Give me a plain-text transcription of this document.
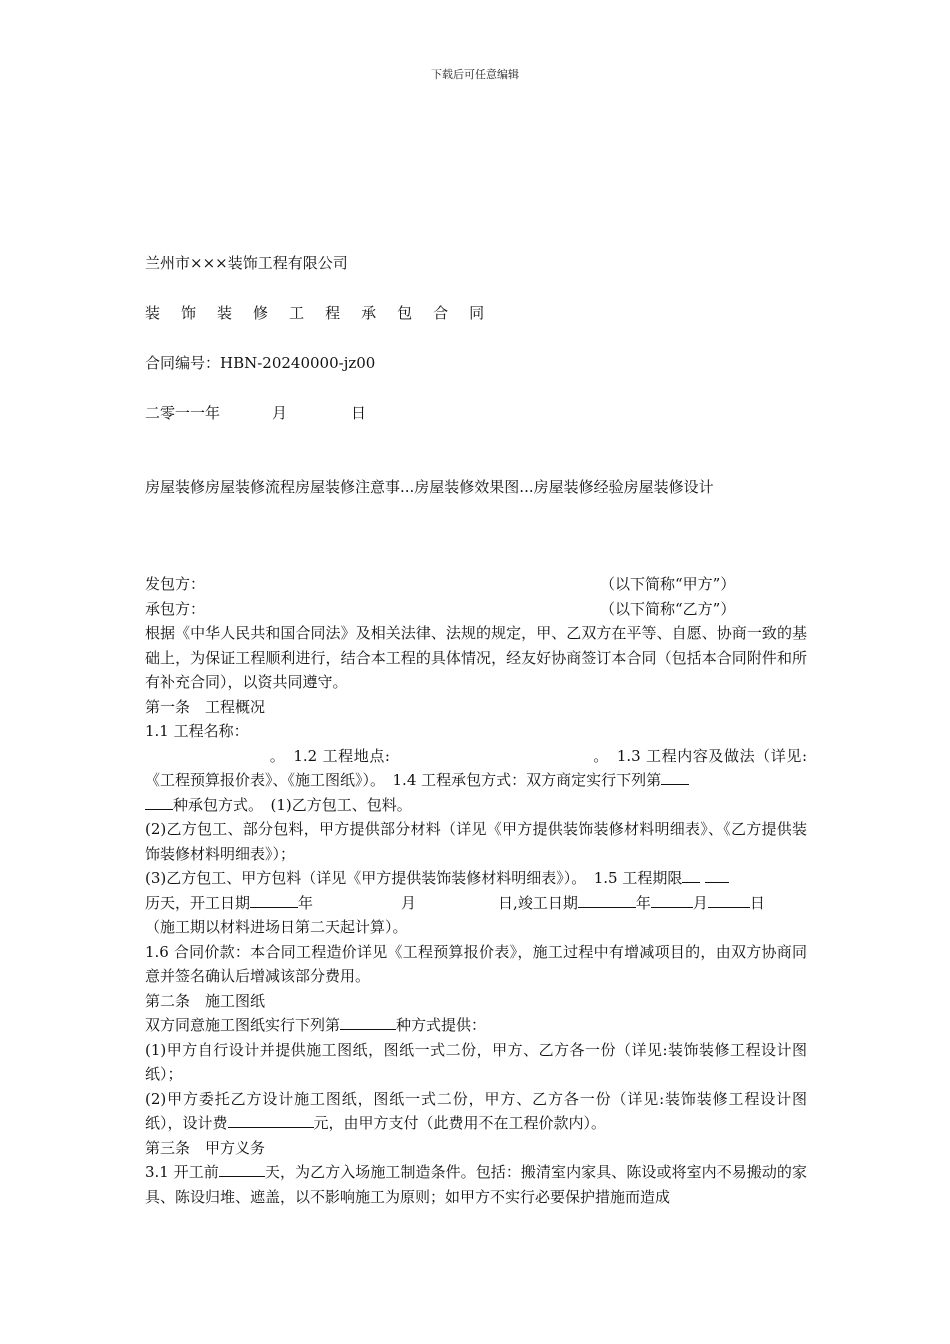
下载后可任意编辑
兰州市×××装饰工程有限公司
装 饰 装 修 工 程 承 包 合 同
合同编号：HBN-20240000-jz00
二零一一年	月	日
房屋装修房屋装修流程房屋装修注意事...房屋装修效果图...房屋装修经验房屋装修设计
发包方：	（以下简称“甲方”）
承包方：	（以下简称“乙方”）

根据《中华人民共和国合同法》及相关法律、法规的规定，甲、乙双方在平等、自愿、协商一致的基础上，为保证工程顺利进行，结合本工程的具体情况，经友好协商签订本合同（包括本合同附件和所有补充合同），以资共同遵守。

第一条　工程概况

1.1 工程名称：

　　　　　　　　。　1.2 工程地点:　　　　　　　　　　　　　。　1.3 工程内容及做法（详见:《工程预算报价表》、《施工图纸》）。　1.4 工程承包方式：双方商定实行下列第
种承包方式。　(1)乙方包工、包料。

(2)乙方包工、部分包料，甲方提供部分材料（详见《甲方提供装饰装修材料明细表》、《乙方提供装饰装修材料明细表》）；

(3)乙方包工、甲方包料（详见《甲方提供装饰装修材料明细表》）。　1.5 工程期限
历天，开工日期	年	月	日,竣工日期	年	月	日
（施工期以材料进场日第二天起计算）。

1.6 合同价款：本合同工程造价详见《工程预算报价表》，施工过程中有增减项目的，由双方协商同意并签名确认后增减该部分费用。

第二条　施工图纸

双方同意施工图纸实行下列第	种方式提供：

(1)甲方自行设计并提供施工图纸，图纸一式二份，甲方、乙方各一份（详见:装饰装修工程设计图纸）；

(2)甲方委托乙方设计施工图纸，图纸一式二份，甲方、乙方各一份（详见:装饰装修工程设计图纸），设计费	元，由甲方支付（此费用不在工程价款内）。

第三条　甲方义务

3.1 开工前	天，为乙方入场施工制造条件。包括：搬清室内家具、陈设或将室内不易搬动的家具、陈设归堆、遮盖，以不影响施工为原则；如甲方不实行必要保护措施而造成
